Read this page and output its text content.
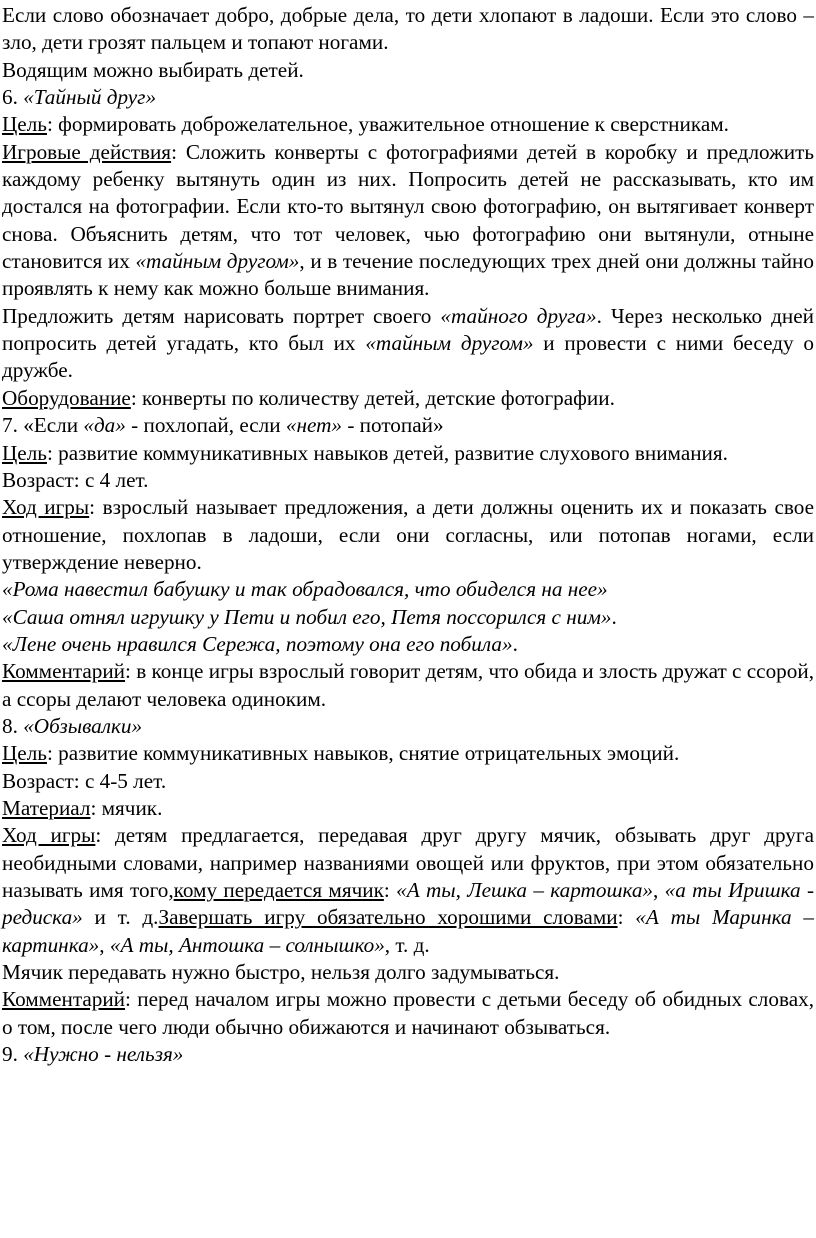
Если слово обозначает добро, добрые дела, то дети хлопают в ладоши. Если это слово – зло, дети грозят пальцем и топают ногами.

Водящим можно выбирать детей.

6. «Тайный друг»

Цель: формировать доброжелательное, уважительное отношение к сверстникам.

Игровые действия: Сложить конверты с фотографиями детей в коробку и предложить каждому ребенку вытянуть один из них. Попросить детей не рассказывать, кто им достался на фотографии. Если кто-то вытянул свою фотографию, он вытягивает конверт снова. Объяснить детям, что тот человек, чью фотографию они вытянули, отныне становится их «тайным другом», и в течение последующих трех дней они должны тайно проявлять к нему как можно больше внимания.

Предложить детям нарисовать портрет своего «тайного друга». Через несколько дней попросить детей угадать, кто был их «тайным другом» и провести с ними беседу о дружбе.

Оборудование: конверты по количеству детей, детские фотографии.

7. «Если «да» - похлопай, если «нет» - потопай»

Цель: развитие коммуникативных навыков детей, развитие слухового внимания.

Возраст: с 4 лет.

Ход игры: взрослый называет предложения, а дети должны оценить их и показать свое отношение, похлопав в ладоши, если они согласны, или потопав ногами, если утверждение неверно.

«Рома навестил бабушку и так обрадовался, что обиделся на нее»

«Саша отнял игрушку у Пети и побил его, Петя поссорился с ним».

«Лене очень нравился Сережа, поэтому она его побила».

Комментарий: в конце игры взрослый говорит детям, что обида и злость дружат с ссорой, а ссоры делают человека одиноким.

8. «Обзывалки»

Цель: развитие коммуникативных навыков, снятие отрицательных эмоций.

Возраст: с 4-5 лет.

Материал: мячик.

Ход игры: детям предлагается, передавая друг другу мячик, обзывать друг друга необидными словами, например названиями овощей или фруктов, при этом обязательно называть имя того,кому передается мячик: «А ты, Лешка – картошка», «а ты Иришка - редиска» и т. д.Завершать игру обязательно хорошими словами: «А ты Маринка – картинка», «А ты, Антошка – солнышко», т. д.

Мячик передавать нужно быстро, нельзя долго задумываться.

Комментарий: перед началом игры можно провести с детьми беседу об обидных словах, о том, после чего люди обычно обижаются и начинают обзываться.

9. «Нужно - нельзя»
